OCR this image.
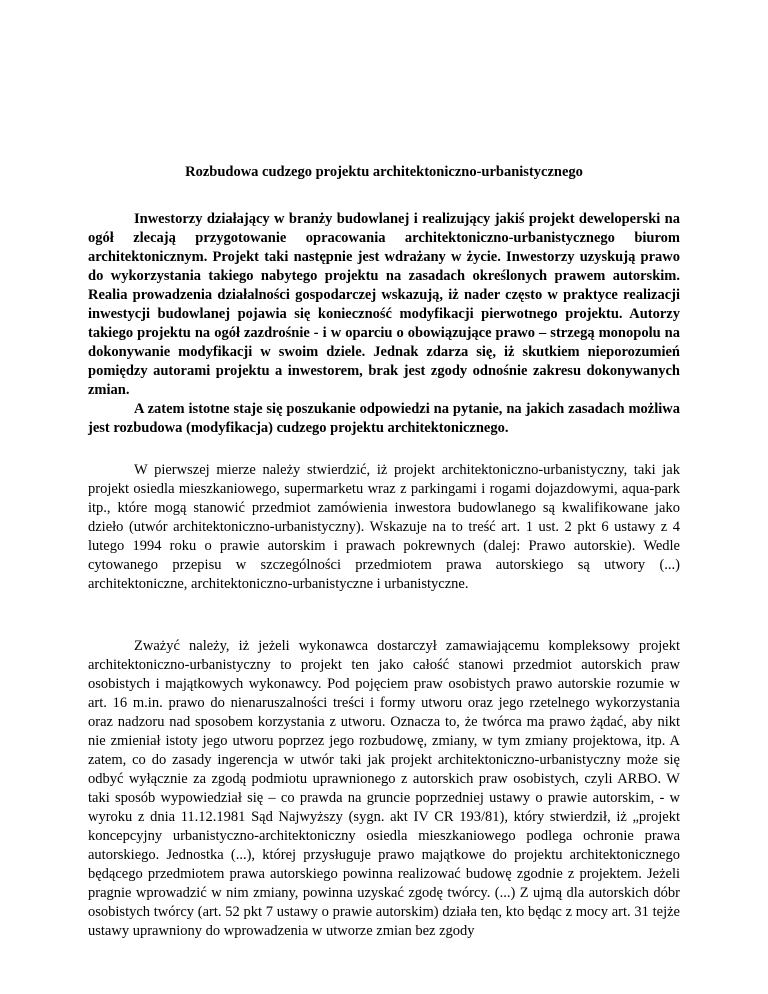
Rozbudowa cudzego projektu architektoniczno-urbanistycznego

Inwestorzy działający w branży budowlanej i realizujący jakiś projekt deweloperski na ogół zlecają przygotowanie opracowania architektoniczno-urbanistycznego biurom architektonicznym. Projekt taki następnie jest wdrażany w życie. Inwestorzy uzyskują prawo do wykorzystania takiego nabytego projektu na zasadach określonych prawem autorskim. Realia prowadzenia działalności gospodarczej wskazują, iż nader często w praktyce realizacji inwestycji budowlanej pojawia się konieczność modyfikacji pierwotnego projektu. Autorzy takiego projektu na ogół zazdrośnie - i w oparciu o obowiązujące prawo – strzegą monopolu na dokonywanie modyfikacji w swoim dziele. Jednak zdarza się, iż skutkiem nieporozumień pomiędzy autorami projektu a inwestorem, brak jest zgody odnośnie zakresu dokonywanych zmian.

A zatem istotne staje się poszukanie odpowiedzi na pytanie, na jakich zasadach możliwa jest rozbudowa (modyfikacja) cudzego projektu architektonicznego.

W pierwszej mierze należy stwierdzić, iż projekt architektoniczno-urbanistyczny, taki jak projekt osiedla mieszkaniowego, supermarketu wraz z parkingami i rogami dojazdowymi, aqua-park itp., które mogą stanowić przedmiot zamówienia inwestora budowlanego są kwalifikowane jako dzieło (utwór architektoniczno-urbanistyczny). Wskazuje na to treść art. 1 ust. 2 pkt 6 ustawy z 4 lutego 1994 roku o prawie autorskim i prawach pokrewnych (dalej: Prawo autorskie). Wedle cytowanego przepisu w szczególności przedmiotem prawa autorskiego są utwory (...) architektoniczne, architektoniczno-urbanistyczne i urbanistyczne.

Zważyć należy, iż jeżeli wykonawca dostarczył zamawiającemu kompleksowy projekt architektoniczno-urbanistyczny to projekt ten jako całość stanowi przedmiot autorskich praw osobistych i majątkowych wykonawcy. Pod pojęciem praw osobistych prawo autorskie rozumie w art. 16 m.in. prawo do nienaruszalności treści i formy utworu oraz jego rzetelnego wykorzystania oraz nadzoru nad sposobem korzystania z utworu. Oznacza to, że twórca ma prawo żądać, aby nikt nie zmieniał istoty jego utworu poprzez jego rozbudowę, zmiany, w tym zmiany projektowa, itp. A zatem, co do zasady ingerencja w utwór taki jak projekt architektoniczno-urbanistyczny może się odbyć wyłącznie za zgodą podmiotu uprawnionego z autorskich praw osobistych, czyli ARBO. W taki sposób wypowiedział się – co prawda na gruncie poprzedniej ustawy o prawie autorskim, - w wyroku z dnia 11.12.1981 Sąd Najwyższy (sygn. akt IV CR 193/81), który stwierdził, iż „projekt koncepcyjny urbanistyczno-architektoniczny osiedla mieszkaniowego podlega ochronie prawa autorskiego. Jednostka (...), której przysługuje prawo majątkowe do projektu architektonicznego będącego przedmiotem prawa autorskiego powinna realizować budowę zgodnie z projektem. Jeżeli pragnie wprowadzić w nim zmiany, powinna uzyskać zgodę twórcy. (...) Z ujmą dla autorskich dóbr osobistych twórcy (art. 52 pkt 7 ustawy o prawie autorskim) działa ten, kto będąc z mocy art. 31 tejże ustawy uprawniony do wprowadzenia w utworze zmian bez zgody
